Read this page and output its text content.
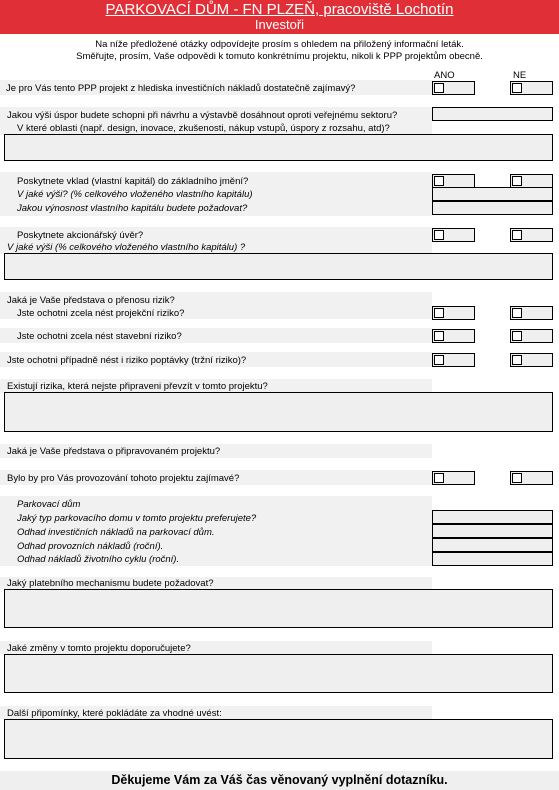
PARKOVACÍ DŮM - FN PLZEŇ, pracoviště Lochotín
Investoři
Na níže předložené otázky odpovídejte prosím s ohledem na přiložený informační leták.
Směřujte, prosím, Vaše odpovědi k tomuto konkrétnímu projektu, nikoli k PPP projektům obecně.
ANO	NE
Je pro Vás tento PPP projekt z hlediska investičních nákladů dostatečně zajímavý?
Jakou výši úspor budete schopni při návrhu a výstavbě dosáhnout oproti veřejnému sektoru?
V které oblasti (např. design, inovace, zkušenosti, nákup vstupů, úspory z rozsahu, atd)?
Poskytnete vklad (vlastní kapitál) do základního jmění?
V jaké výši? (% celkového vloženého vlastního kapitálu)
Jakou výnosnost vlastního kapitálu budete požadovat?
Poskytnete akcionářský úvěr?
V jaké výši (% celkového vloženého vlastního kapitálu) ?
Jaká je Vaše představa o přenosu rizik?
Jste ochotni zcela nést projekční riziko?
Jste ochotni zcela nést stavební riziko?
Jste ochotni případně nést i riziko poptávky (tržní riziko)?
Existují rizika, která nejste připraveni převzít v tomto projektu?
Jaká je Vaše představa o připravovaném projektu?
Bylo by pro Vás provozování tohoto projektu zajímavé?
Parkovací dům
Jaký typ parkovacího domu v tomto projektu preferujete?
Odhad investičních nákladů na parkovací dům.
Odhad provozních nákladů (roční).
Odhad nákladů životního cyklu (roční).
Jaký platebního mechanismu budete požadovat?
Jaké změny v tomto projektu doporučujete?
Další připomínky, které pokládáte za vhodné uvést:
Děkujeme Vám za Váš čas věnovaný vyplnění dotazníku.
